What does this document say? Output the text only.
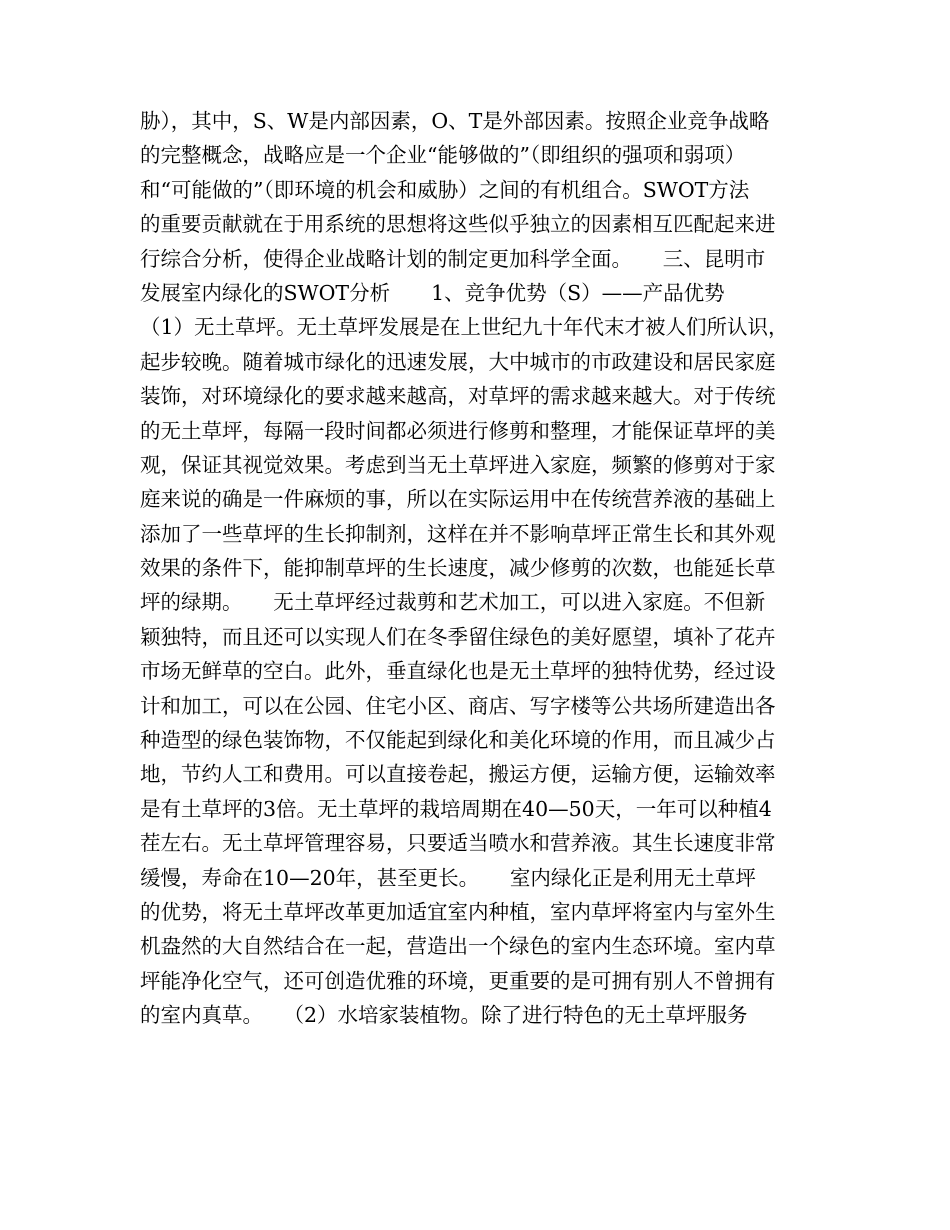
胁），其中，S、W是内部因素，O、T是外部因素。按照企业竞争战略
的完整概念，战略应是一个企业“能够做的”（即组织的强项和弱项）
和“可能做的”（即环境的机会和威胁）之间的有机组合。SWOT方法
的重要贡献就在于用系统的思想将这些似乎独立的因素相互匹配起来进
行综合分析，使得企业战略计划的制定更加科学全面。　　三、昆明市
发展室内绿化的SWOT分析　　1、竞争优势（S）——产品优势
（1）无土草坪。无土草坪发展是在上世纪九十年代末才被人们所认识，
起步较晚。随着城市绿化的迅速发展，大中城市的市政建设和居民家庭
装饰，对环境绿化的要求越来越高，对草坪的需求越来越大。对于传统
的无土草坪，每隔一段时间都必须进行修剪和整理，才能保证草坪的美
观，保证其视觉效果。考虑到当无土草坪进入家庭，频繁的修剪对于家
庭来说的确是一件麻烦的事，所以在实际运用中在传统营养液的基础上
添加了一些草坪的生长抑制剂，这样在并不影响草坪正常生长和其外观
效果的条件下，能抑制草坪的生长速度，减少修剪的次数，也能延长草
坪的绿期。　　无土草坪经过裁剪和艺术加工，可以进入家庭。不但新
颖独特，而且还可以实现人们在冬季留住绿色的美好愿望，填补了花卉
市场无鲜草的空白。此外，垂直绿化也是无土草坪的独特优势，经过设
计和加工，可以在公园、住宅小区、商店、写字楼等公共场所建造出各
种造型的绿色装饰物，不仅能起到绿化和美化环境的作用，而且减少占
地，节约人工和费用。可以直接卷起，搬运方便，运输方便，运输效率
是有土草坪的3倍。无土草坪的栽培周期在40—50天，一年可以种植4
茬左右。无土草坪管理容易，只要适当喷水和营养液。其生长速度非常
缓慢，寿命在10—20年，甚至更长。　　室内绿化正是利用无土草坪
的优势，将无土草坪改革更加适宜室内种植，室内草坪将室内与室外生
机盎然的大自然结合在一起，营造出一个绿色的室内生态环境。室内草
坪能净化空气，还可创造优雅的环境，更重要的是可拥有别人不曾拥有
的室内真草。　　（2）水培家装植物。除了进行特色的无土草坪服务
